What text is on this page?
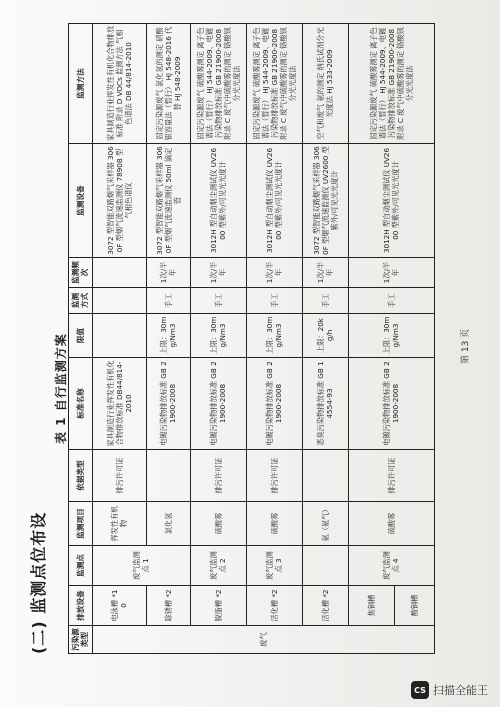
(二) 监测点位布设
表 1 自行监测方案
污染源类型	排放设备	监测点	监测项目	依据类型	标准名称	限值	监测方式	监测频次	监测设备	监测方法
废气	电泳槽 *10	废气监测点 1	挥发性有机物	排污许可证	家具制造行业挥发性有机化合物排放标准 DB44/814-2010				3072 型智能双路烟气采样器 3060F 型烟气流速监测仪 7890B 型 气相色谱仪	家具制造行业挥发性有机化合物排放标准 附录 D VOCs 监测方法 气相色谱法 DB 44/814-2010
	除锈槽 *2		氯化氢		电镀污染物排放标准 GB 21900-2008	上限：30mg/Nm3	手工	1次/半年	3072 型智能双路烟气采样器 3060F 型烟气流速监测仪 50ml 滴定管	固定污染源废气 氯化氢的测定 硝酸银容量法（暂行） HJ 548-2016 代替 HJ 548-2009
	脱脂槽 *2	废气监测点 2	硫酸雾	排污许可证	电镀污染物排放标准 GB 21900-2008	上限：30mg/Nm3	手工	1次/半年	3012H 型自动烟尘测试仪 UV2600 型紫外/可见光光度计	固定污染源废气 硫酸雾测定 离子色谱法（暂行） HJ 544-2009、电镀污染物排放标准 GB 21900-2008 附录 C 废气中硫酸雾的测定 铬酸钡分光光度法
	活化槽 *2	废气监测点 3	硫酸雾	排污许可证	电镀污染物排放标准 GB 21900-2008	上限：30mg/Nm3	手工	1次/半年	3012H 型自动烟尘测试仪 UV2600 型紫外/可见光光度计	固定污染源废气 硫酸雾测定 离子色谱法（暂行） HJ 544-2009、电镀污染物排放标准 GB 21900-2008 附录 C 废气中硫酸雾的测定 铬酸钡分光光度法
	活化槽 *2		氨（氨气）		恶臭污染物排放标准 GB 14554-93	上限：20kg/h	手工	1次/半年	3072 型智能双路烟气采样器 3060F 型烟气流速监测仪 UV2600 型紫外/可见光光度计	空气和废气 氨的测定 纳氏试剂分光光度法 HJ 533-2009
	焦铜槽	废气监测点 4	硫酸雾	排污许可证	电镀污染物排放标准 GB 21900-2008	上限：30mg/Nm3	手工	1次/半年	3012H 型自动烟尘测试仪 UV2600 型紫外/可见光光度计	固定污染源废气 硫酸雾测定 离子色谱法（暂行） HJ 544-2009、电镀污染物排放标准 GB 21900-2008 附录 C 废气中硫酸雾的测定 铬酸钡分光光度法
	酸铜槽									
第 13 页
CS 扫描全能王
